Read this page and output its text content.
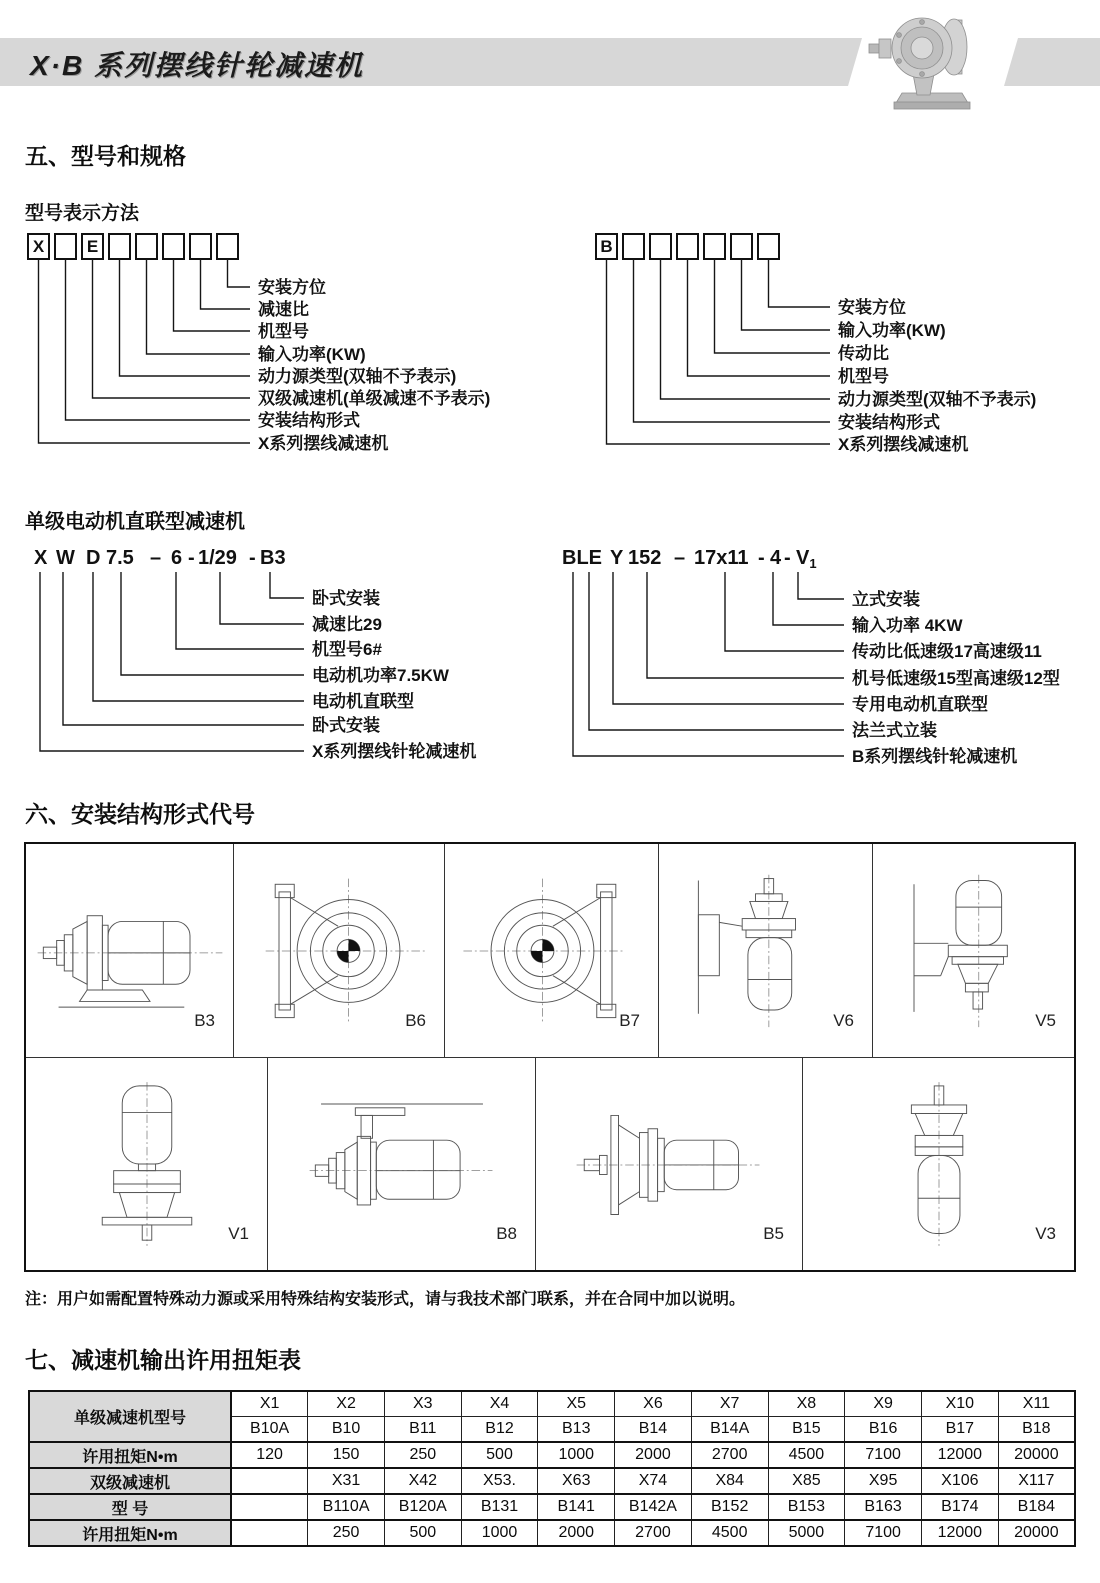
X·B 系列摆线针轮减速机
五、型号和规格
型号表示方法
X	E
安装方位
减速比
机型号
输入功率(KW)
动力源类型(双轴不予表示)
双级减速机(单级减速不予表示)
安装结构形式
X系列摆线减速机
B
安装方位
输入功率(KW)
传动比
机型号
动力源类型(双轴不予表示)
安装结构形式
X系列摆线减速机
单级电动机直联型减速机
X W D 7.5 – 6 - 1/29 - B3
卧式安装
减速比29
机型号6#
电动机功率7.5KW
电动机直联型
卧式安装
X系列摆线针轮减速机
BLE Y $152 - 17x11 - 4 - V_1$
立式安装
输入功率 4KW
传动比低速级17高速级11
机号低速级15型高速级12型
专用电动机直联型
法兰式立装
B系列摆线针轮减速机
六、安装结构形式代号
B3	B6	B7	V6	V5
V1	B8	B5	V3
注：用户如需配置特殊动力源或采用特殊结构安装形式，请与我技术部门联系，并在合同中加以说明。
七、减速机输出许用扭矩表
单级减速机型号	X1	X2	X3	X4	X5	X6	X7	X8	X9	X10	X11
	B10A	B10	B11	B12	B13	B14	B14A	B15	B16	B17	B18
许用扭矩N•m	120	150	250	500	1000	2000	2700	4500	7100	12000	20000
双级减速机		X31	X42	X53.	X63	X74	X84	X85	X95	X106	X117
型 号		B110A	B120A	B131	B141	B142A	B152	B153	B163	B174	B184
许用扭矩N•m		250	500	1000	2000	2700	4500	5000	7100	12000	20000
